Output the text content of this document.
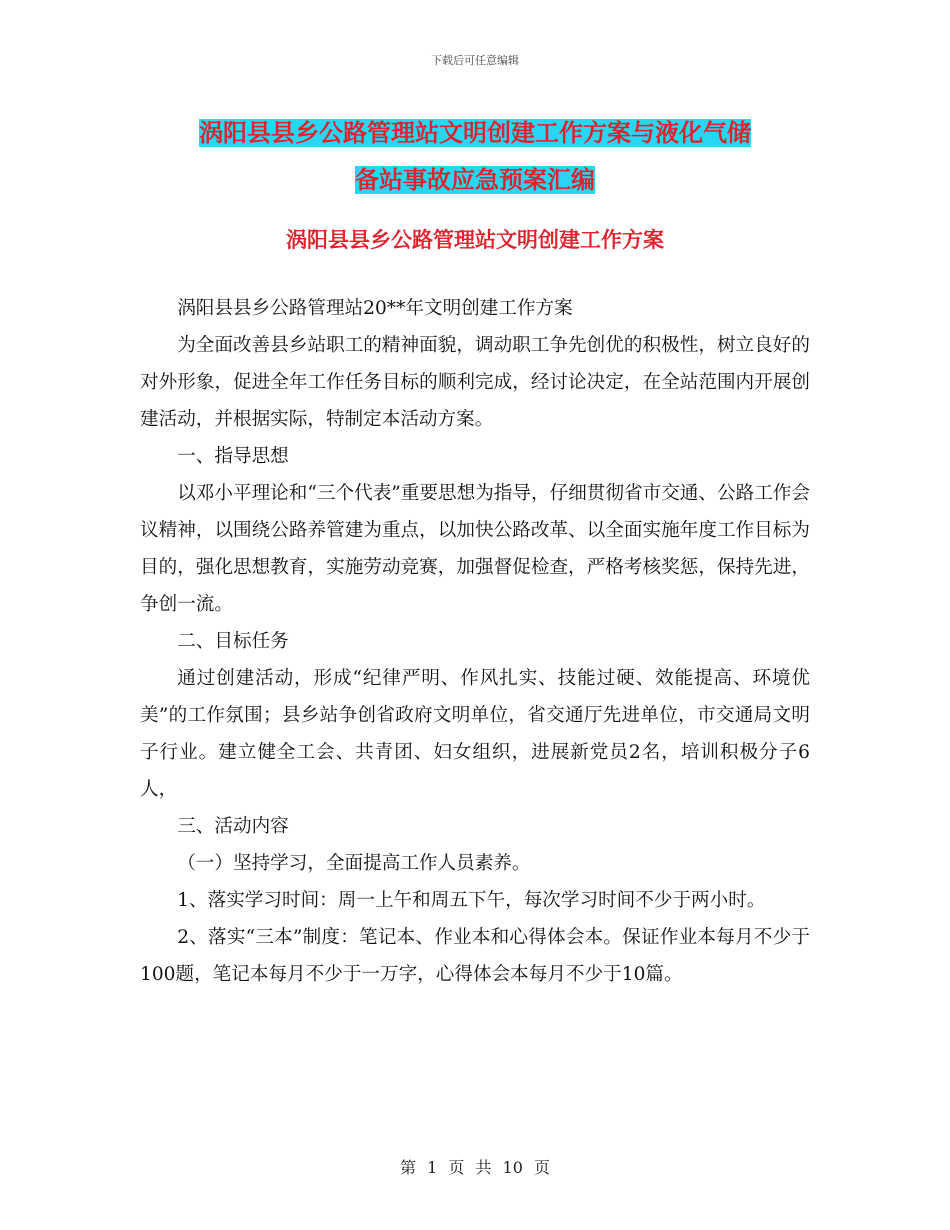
下载后可任意编辑
涡阳县县乡公路管理站文明创建工作方案与液化气储
备站事故应急预案汇编
涡阳县县乡公路管理站文明创建工作方案

涡阳县县乡公路管理站20**年文明创建工作方案

为全面改善县乡站职工的精神面貌，调动职工争先创优的积极性，树立良好的对外形象，促进全年工作任务目标的顺利完成，经讨论决定，在全站范围内开展创建活动，并根据实际，特制定本活动方案。

一、指导思想

以邓小平理论和“三个代表”重要思想为指导，仔细贯彻省市交通、公路工作会议精神，以围绕公路养管建为重点，以加快公路改革、以全面实施年度工作目标为目的，强化思想教育，实施劳动竞赛，加强督促检查，严格考核奖惩，保持先进，争创一流。

二、目标任务

通过创建活动，形成“纪律严明、作风扎实、技能过硬、效能提高、环境优美”的工作氛围；县乡站争创省政府文明单位，省交通厅先进单位，市交通局文明子行业。建立健全工会、共青团、妇女组织，进展新党员2名，培训积极分子6人，

三、活动内容

（一）坚持学习，全面提高工作人员素养。

1、落实学习时间：周一上午和周五下午，每次学习时间不少于两小时。

2、落实“三本”制度：笔记本、作业本和心得体会本。保证作业本每月不少于100题，笔记本每月不少于一万字，心得体会本每月不少于10篇。

第 1 页 共 10 页
